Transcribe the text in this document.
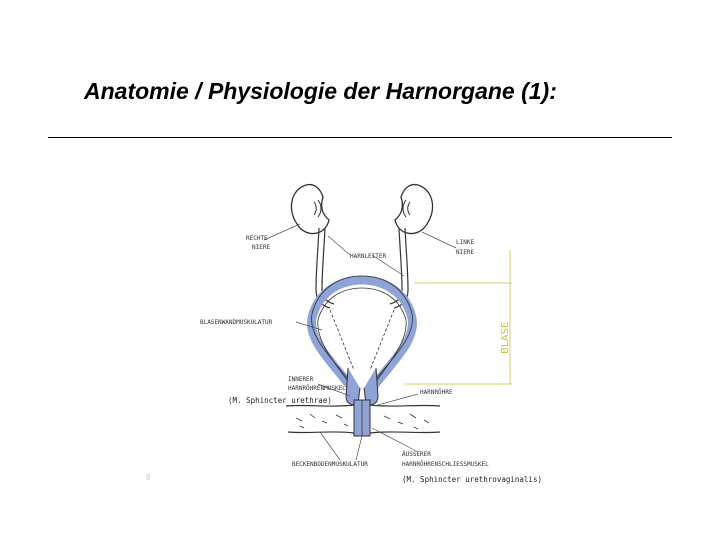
Anatomie / Physiologie der Harnorgane (1):
RECHTE
NIERE
HARNLEITER
LINKE
NIERE
BLASENWANDMUSKULATUR	BLASE
INNERER
HARNRÖHRENMUSKEL
(M. Sphincter urethrae)
HARNRÖHRE
BECKENBODENMUSKULATUR
ÄUSSERER
HARNRÖHRENSCHLIESSMUSKEL
(M. Sphincter urethrovaginalis)
8
